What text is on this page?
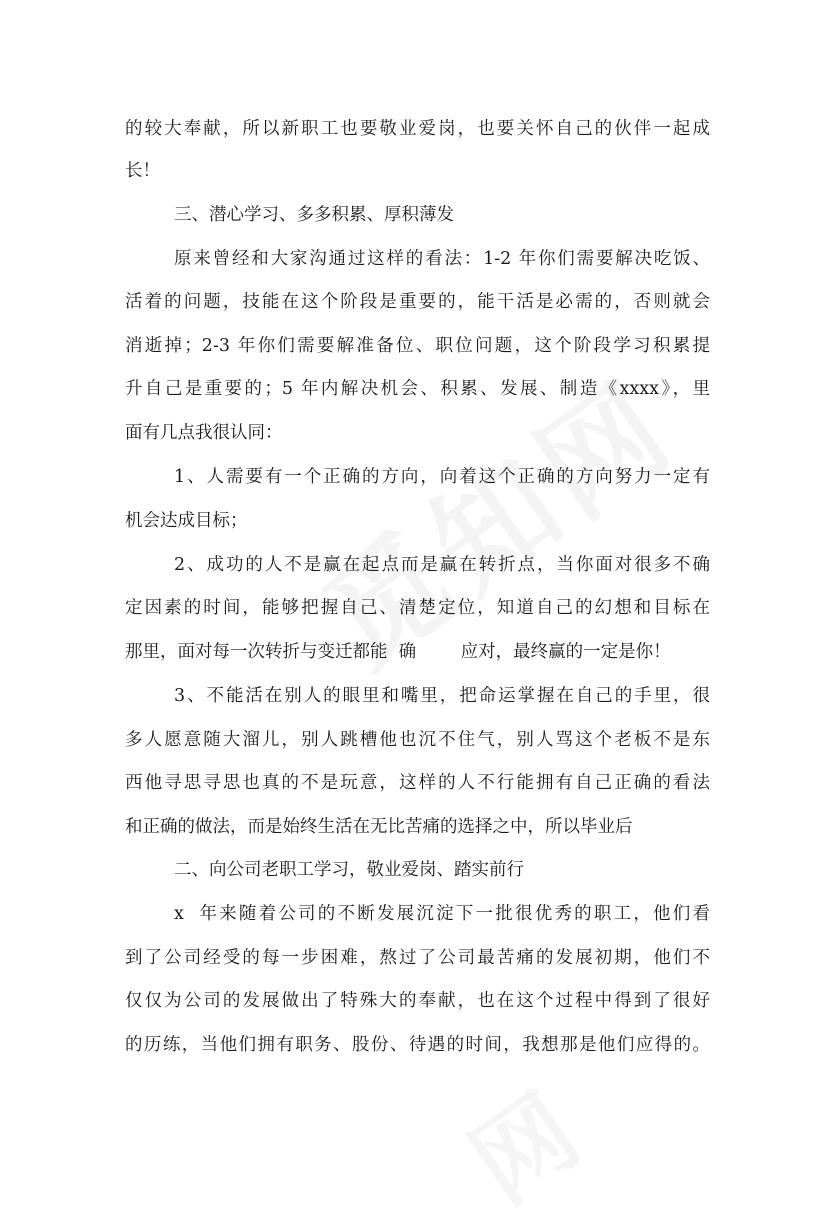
的较大奉献，所以新职工也要敬业爱岗，也要关怀自己的伙伴一起成
长！
三、潜心学习、多多积累、厚积薄发
原来曾经和大家沟通过这样的看法：1-2 年你们需要解决吃饭、
活着的问题，技能在这个阶段是重要的，能干活是必需的，否则就会
消逝掉；2-3 年你们需要解准备位、职位问题，这个阶段学习积累提
升自己是重要的；5 年内解决机会、积累、发展、制造《xxxx》，里
面有几点我很认同：
1、人需要有一个正确的方向，向着这个正确的方向努力一定有
机会达成目标；
2、成功的人不是赢在起点而是赢在转折点，当你面对很多不确
定因素的时间，能够把握自己、清楚定位，知道自己的幻想和目标在
那里，面对每一次转折与变迁都能  确        应对，最终赢的一定是你！
3、不能活在别人的眼里和嘴里，把命运掌握在自己的手里，很
多人愿意随大溜儿，别人跳槽他也沉不住气，别人骂这个老板不是东
西他寻思寻思也真的不是玩意，这样的人不行能拥有自己正确的看法
和正确的做法，而是始终生活在无比苦痛的选择之中，所以毕业后
二、向公司老职工学习，敬业爱岗、踏实前行
x  年来随着公司的不断发展沉淀下一批很优秀的职工，他们看
到了公司经受的每一步困难，熬过了公司最苦痛的发展初期，他们不
仅仅为公司的发展做出了特殊大的奉献，也在这个过程中得到了很好
的历练，当他们拥有职务、股份、待遇的时间，我想那是他们应得的。
